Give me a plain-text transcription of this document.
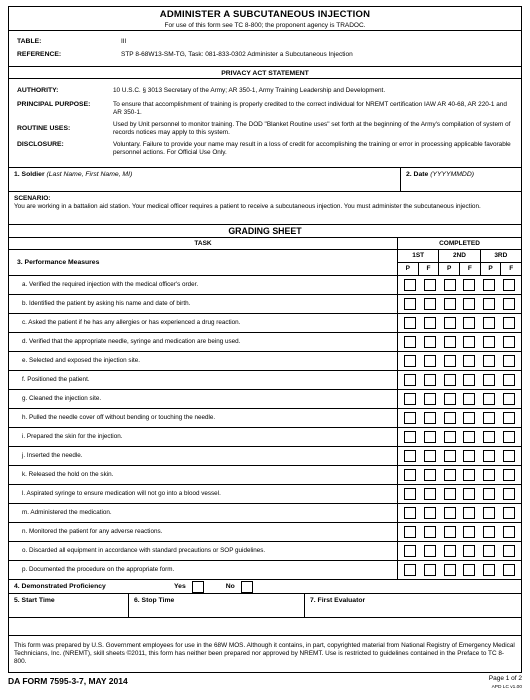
ADMINISTER A SUBCUTANEOUS INJECTION
For use of this form see TC 8-800; the proponent agency is TRADOC.
TABLE:	III
REFERENCE:	STP 8-68W13-SM-TG, Task: 081-833-0302 Administer a Subcutaneous Injection
PRIVACY ACT STATEMENT
AUTHORITY:	10 U.S.C. § 3013 Secretary of the Army; AR 350-1, Army Training Leadership and Development.
PRINCIPAL PURPOSE:	To ensure that accomplishment of training is properly credited to the correct individual for NREMT certification IAW AR 40-68, AR 220-1 and AR 350-1.
ROUTINE USES:
Used by Unit personnel to monitor training. The DOD "Blanket Routine uses" set forth at the beginning of the Army's compilation of system of records notices may apply to this system.
DISCLOSURE:	Voluntary. Failure to provide your name may result in a loss of credit for accomplishing the training or error in processing applicable favorable personnel actions. For Official Use Only.
1. Soldier (Last Name, First Name, MI)	2. Date (YYYYMMDD)
SCENARIO:
You are working in a battalion aid station. Your medical officer requires a patient to receive a subcutaneous injection. You must administer the subcutaneous injection.
GRADING SHEET
TASK	COMPLETED
3. Performance Measures
1ST	2ND	3RD
P	F	P	F	P	F
a. Verified the required injection with the medical officer's order.
b. Identified the patient by asking his name and date of birth.
c. Asked the patient if he has any allergies or has experienced a drug reaction.
d. Verified that the appropriate needle, syringe and medication are being used.
e. Selected and exposed the injection site.
f. Positioned the patient.
g. Cleaned the injection site.
h. Pulled the needle cover off without bending or touching the needle.
i. Prepared the skin for the injection.
j. Inserted the needle.
k. Released the hold on the skin.
l. Aspirated syringe to ensure medication will not go into a blood vessel.
m. Administered the medication.
n. Monitored the patient for any adverse reactions.
o. Discarded all equipment in accordance with standard precautions or SOP guidelines.
p. Documented the procedure on the appropriate form.
4. Demonstrated Proficiency	Yes	No
5. Start Time	6. Stop Time	7. First Evaluator
This form was prepared by U.S. Government employees for use in the 68W MOS. Although it contains, in part, copyrighted material from National Registry of Emergency Medical Technicians, Inc. (NREMT), skill sheets ©2011, this form has neither been prepared nor approved by NREMT. Use is restricted to guidelines contained in the Preface to TC 8-800.
DA FORM 7595-3-7, MAY 2014	Page 1 of 2
APD LC v1.00
